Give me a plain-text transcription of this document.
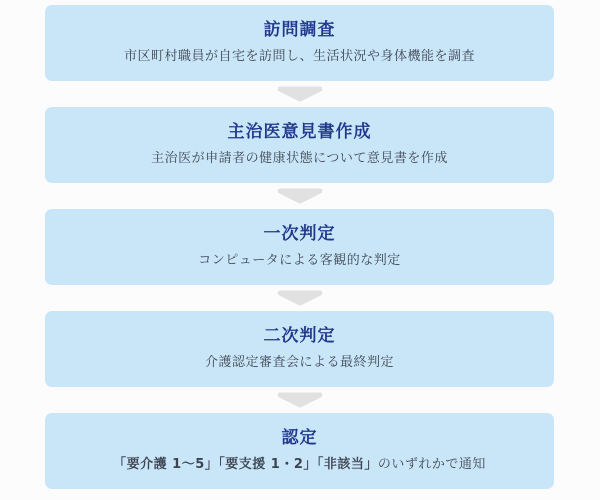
訪問調査

市区町村職員が自宅を訪問し、生活状況や身体機能を調査

主治医意見書作成

主治医が申請者の健康状態について意見書を作成

一次判定

コンピュータによる客観的な判定

二次判定

介護認定審査会による最終判定

認定

「要介護 1〜5」「要支援 1・2」「非該当」のいずれかで通知
